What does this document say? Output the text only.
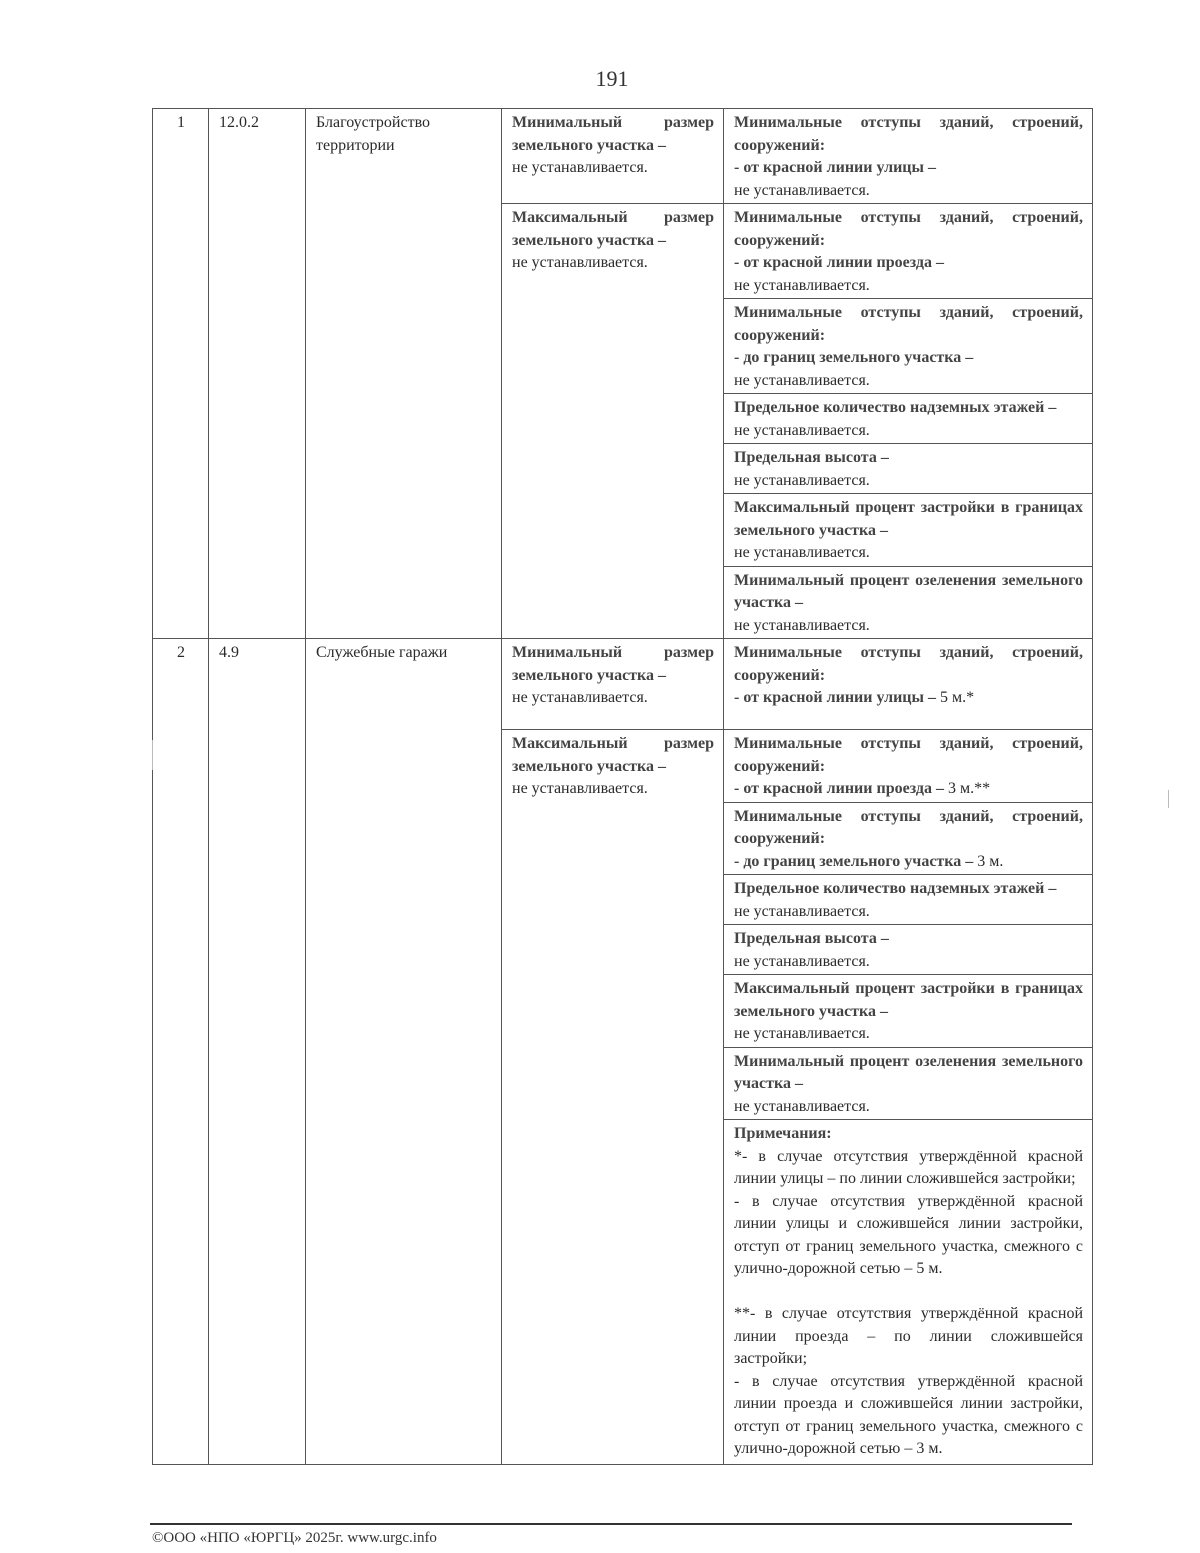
191
1	12.0.2	Благоустройство территории	Минимальный размер земельного участка –
не устанавливается.	Минимальные отступы зданий, строений, сооружений:
- от красной линии улицы –
не устанавливается.

			Максимальный размер земельного участка –
не устанавливается.	Минимальные отступы зданий, строений, сооружений:
- от красной линии проезда –
не устанавливается.

				Минимальные отступы зданий, строений, сооружений:
- до границ земельного участка –
не устанавливается.

				Предельное количество надземных этажей –
не устанавливается.

				Предельная высота –
не устанавливается.

				Максимальный процент застройки в границах земельного участка –
не устанавливается.

				Минимальный процент озеленения земельного участка –
не устанавливается.

2	4.9	Служебные гаражи	Минимальный размер земельного участка –
не устанавливается.	Минимальные отступы зданий, строений, сооружений:
- от красной линии улицы – 5 м.*

			Максимальный размер земельного участка –
не устанавливается.	Минимальные отступы зданий, строений, сооружений:
- от красной линии проезда – 3 м.**

				Минимальные отступы зданий, строений, сооружений:
- до границ земельного участка – 3 м.

				Предельное количество надземных этажей –
не устанавливается.

				Предельная высота –
не устанавливается.

				Максимальный процент застройки в границах земельного участка –
не устанавливается.

				Минимальный процент озеленения земельного участка –
не устанавливается.

				Примечания:
*- в случае отсутствия утверждённой красной линии улицы – по линии сложившейся застройки;
- в случае отсутствия утверждённой красной линии улицы и сложившейся линии застройки, отступ от границ земельного участка, смежного с улично-дорожной сетью – 5 м.
**- в случае отсутствия утверждённой красной линии проезда – по линии сложившейся застройки;
- в случае отсутствия утверждённой красной линии проезда и сложившейся линии застройки, отступ от границ земельного участка, смежного с улично-дорожной сетью – 3 м.

©ООО «НПО «ЮРГЦ» 2025г. www.urgc.info
